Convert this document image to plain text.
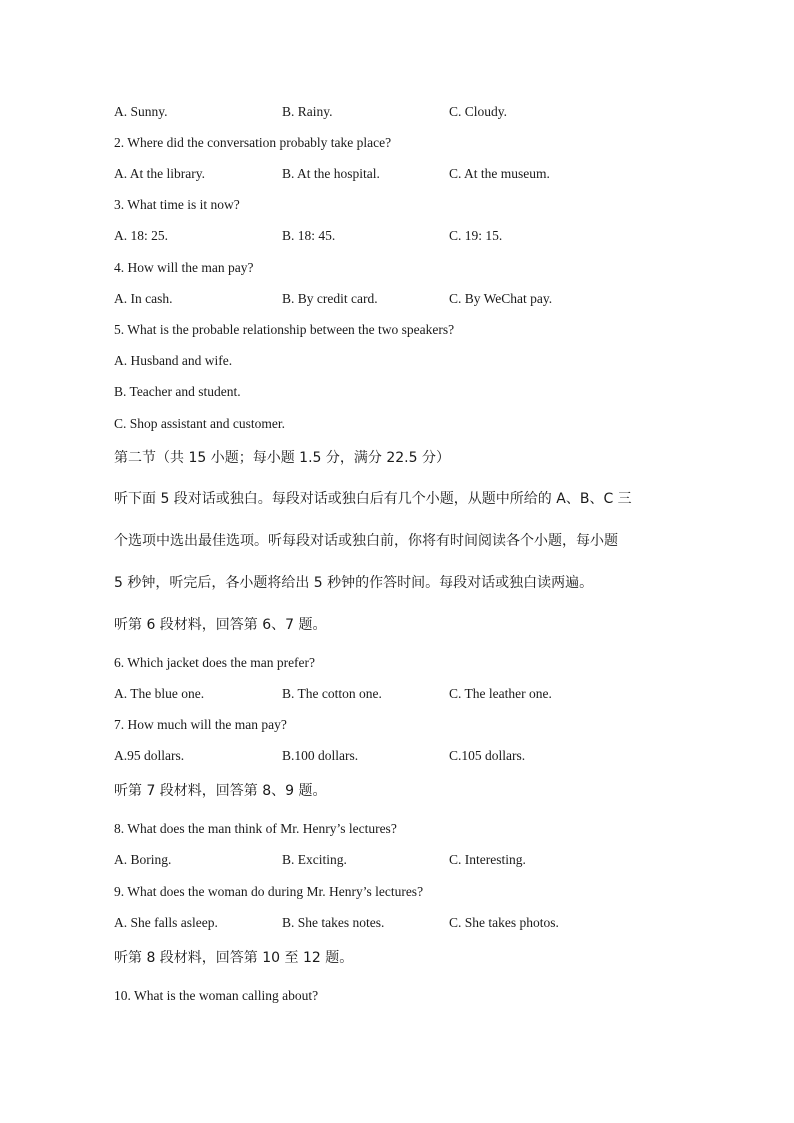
A. Sunny.	B. Rainy.	C. Cloudy.
2. Where did the conversation probably take place?
A. At the library.	B. At the hospital.	C. At the museum.
3. What time is it now?
A. 18: 25.	B. 18: 45.	C. 19: 15.
4. How will the man pay?
A. In cash.	B. By credit card.	C. By WeChat pay.
5. What is the probable relationship between the two speakers?
A. Husband and wife.
B. Teacher and student.
C. Shop assistant and customer.
第二节（共 15 小题；每小题 1.5 分，满分 22.5 分）
听下面 5 段对话或独白。每段对话或独白后有几个小题，从题中所给的 A、B、C 三
个选项中选出最佳选项。听每段对话或独白前，你将有时间阅读各个小题，每小题
5 秒钟，听完后，各小题将给出 5 秒钟的作答时间。每段对话或独白读两遍。
听第 6 段材料，回答第 6、7 题。
6. Which jacket does the man prefer?
A. The blue one.	B. The cotton one.	C. The leather one.
7. How much will the man pay?
A.95 dollars.	B.100 dollars.	C.105 dollars.
听第 7 段材料，回答第 8、9 题。
8. What does the man think of Mr. Henry’s lectures?
A. Boring.	B. Exciting.	C. Interesting.
9. What does the woman do during Mr. Henry’s lectures?
A. She falls asleep.	B. She takes notes.	C. She takes photos.
听第 8 段材料，回答第 10 至 12 题。
10. What is the woman calling about?
